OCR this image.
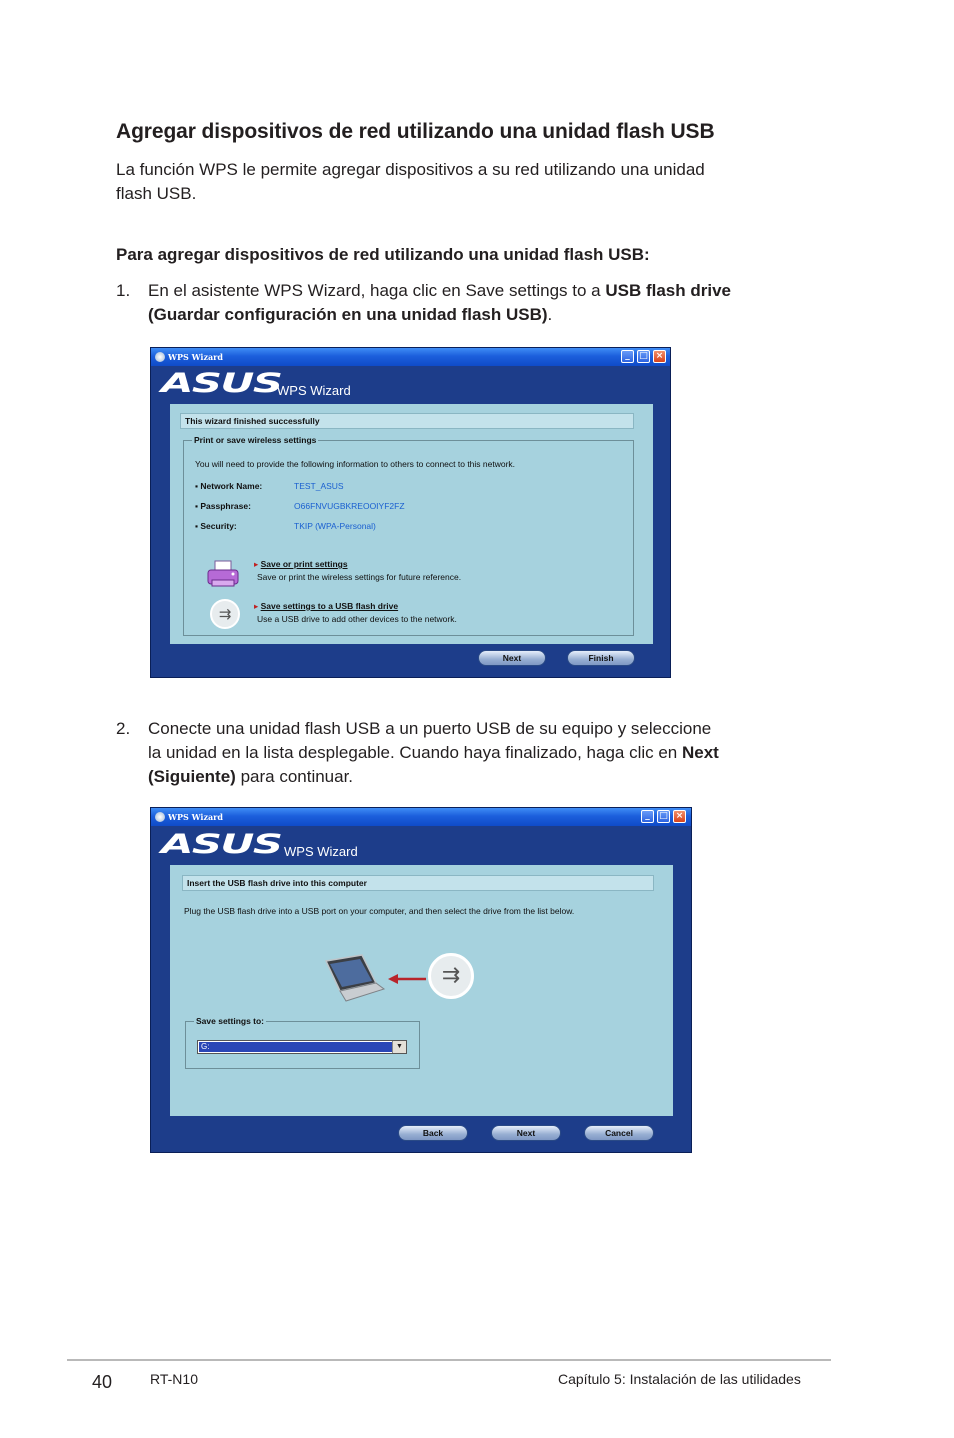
Agregar dispositivos de red utilizando una unidad flash USB

La función WPS le permite agregar dispositivos a su red utilizando una unidad

flash USB.

Para agregar dispositivos de red utilizando una unidad flash USB:

1. En el asistente WPS Wizard, haga clic en Save settings to a USB flash drive
(Guardar configuración en una unidad flash USB).
WPS Wizard	_	□ ×
ASUS
WPS Wizard
This wizard finished successfully
Print or save wireless settings
You will need to provide the following information to others to connect to this network.
▪ Network Name:	TEST_ASUS
▪ Passphrase:	O66FNVUGBKREOOIYF2FZ
▪ Security:	TKIP (WPA-Personal)
▸ Save or print settings
Save or print the wireless settings for future reference.
⇉	▸ Save settings to a USB flash drive
Use a USB drive to add other devices to the network.
Next	Finish
2. Conecte una unidad flash USB a un puerto USB de su equipo y seleccione
la unidad en la lista desplegable. Cuando haya finalizado, haga clic en Next
(Siguiente) para continuar.
WPS Wizard	_	□ ×
ASUS WPS Wizard
Insert the USB flash drive into this computer
Plug the USB flash drive into a USB port on your computer, and then select the drive from the list below.
⇉
Save settings to:
G:	▼
Back	Next	Cancel
40	RT-N10	Capítulo 5: Instalación de las utilidades
